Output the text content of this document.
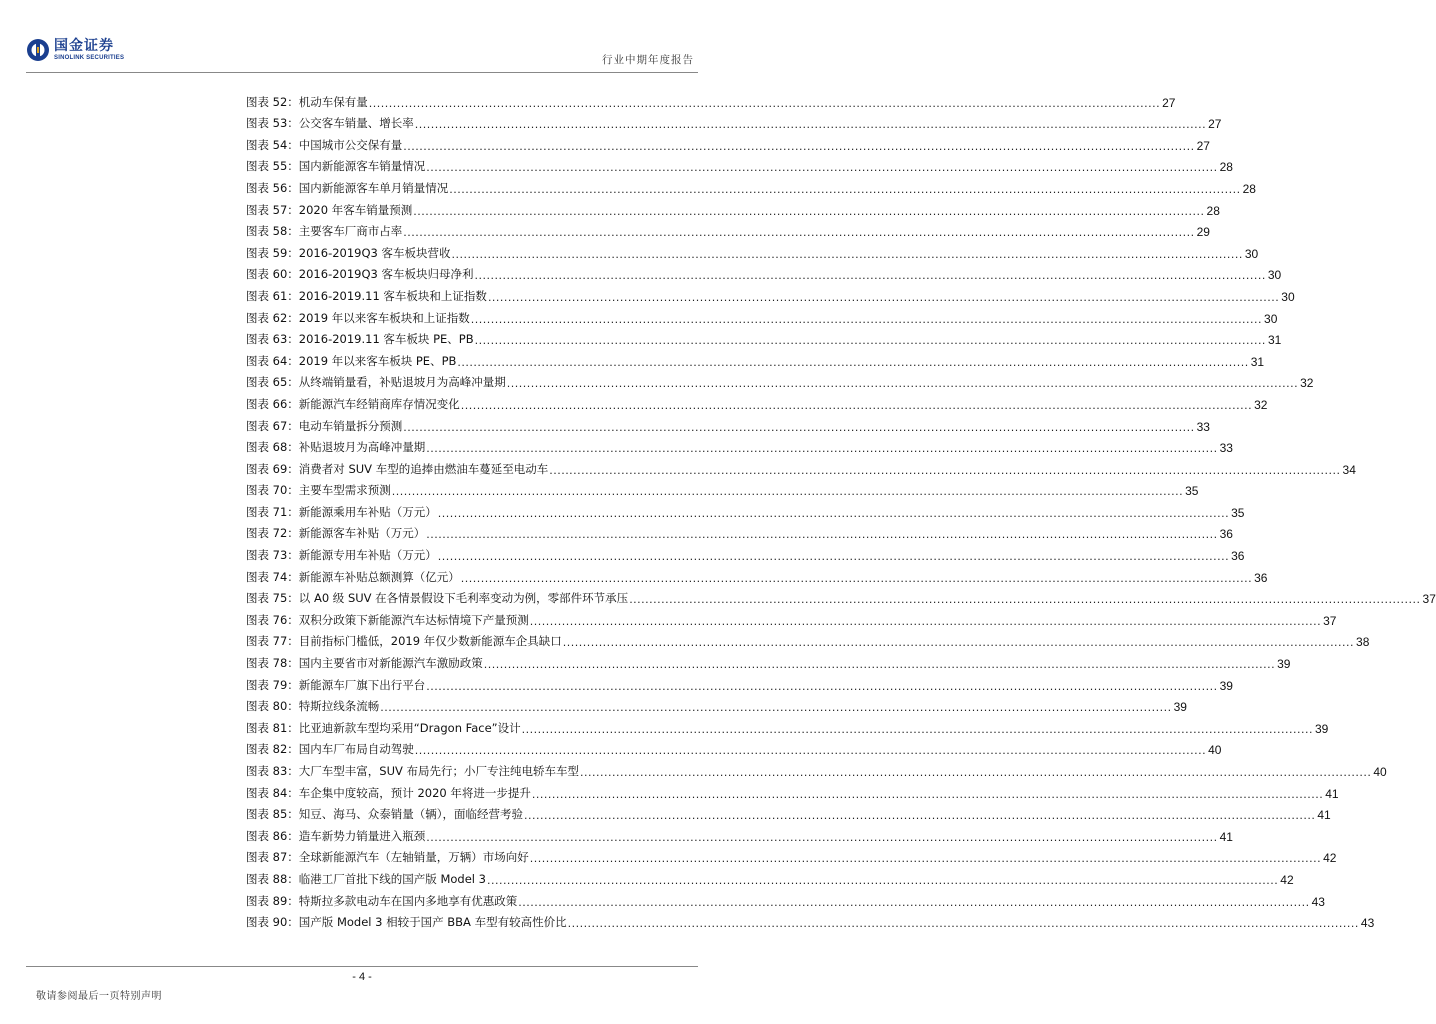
国金证券
SINOLINK SECURITIES	行业中期年度报告
图表 52： 机动车保有量 .....	27
图表 53： 公交客车销量、增长率 .....	27
图表 54： 中国城市公交保有量 .....	27
图表 55： 国内新能源客车销量情况 .....	28
图表 56： 国内新能源客车单月销量情况 .....	28
图表 57： 2020 年客车销量预测 .....	28
图表 58： 主要客车厂商市占率 .....	29
图表 59： 2016-2019Q3 客车板块营收 .....	30
图表 60： 2016-2019Q3 客车板块归母净利 .....	30
图表 61： 2016-2019.11 客车板块和上证指数 .....	30
图表 62： 2019 年以来客车板块和上证指数 .....	30
图表 63： 2016-2019.11 客车板块 PE、PB .....	31
图表 64： 2019 年以来客车板块 PE、PB .....	31
图表 65： 从终端销量看，补贴退坡月为高峰冲量期 .....	32
图表 66： 新能源汽车经销商库存情况变化 .....	32
图表 67： 电动车销量拆分预测 .....	33
图表 68： 补贴退坡月为高峰冲量期 .....	33
图表 69： 消费者对 SUV 车型的追捧由燃油车蔓延至电动车 .....	34
图表 70： 主要车型需求预测 .....	35
图表 71： 新能源乘用车补贴（万元） .....	35
图表 72： 新能源客车补贴（万元） .....	36
图表 73： 新能源专用车补贴（万元） .....	36
图表 74： 新能源车补贴总额测算（亿元） .....	36
图表 75： 以 A0 级 SUV 在各情景假设下毛利率变动为例，零部件环节承压 .....	37
图表 76： 双积分政策下新能源汽车达标情境下产量预测 .....	37
图表 77： 目前指标门槛低，2019 年仅少数新能源车企具缺口 .....	38
图表 78： 国内主要省市对新能源汽车激励政策 .....	39
图表 79： 新能源车厂旗下出行平台 .....	39
图表 80： 特斯拉线条流畅 .....	39
图表 81： 比亚迪新款车型均采用“Dragon Face”设计 .....	39
图表 82： 国内车厂布局自动驾驶 .....	40
图表 83： 大厂车型丰富，SUV 布局先行；小厂专注纯电轿车车型 .....	40
图表 84： 车企集中度较高，预计 2020 年将进一步提升 .....	41
图表 85： 知豆、海马、众泰销量（辆），面临经营考验 .....	41
图表 86： 造车新势力销量进入瓶颈 .....	41
图表 87： 全球新能源汽车（左轴销量，万辆）市场向好 .....	42
图表 88： 临港工厂首批下线的国产版 Model 3 .....	42
图表 89： 特斯拉多款电动车在国内多地享有优惠政策 .....	43
图表 90： 国产版 Model 3 相较于国产 BBA 车型有较高性价比 .....	43
- 4 -
敬请参阅最后一页特别声明
